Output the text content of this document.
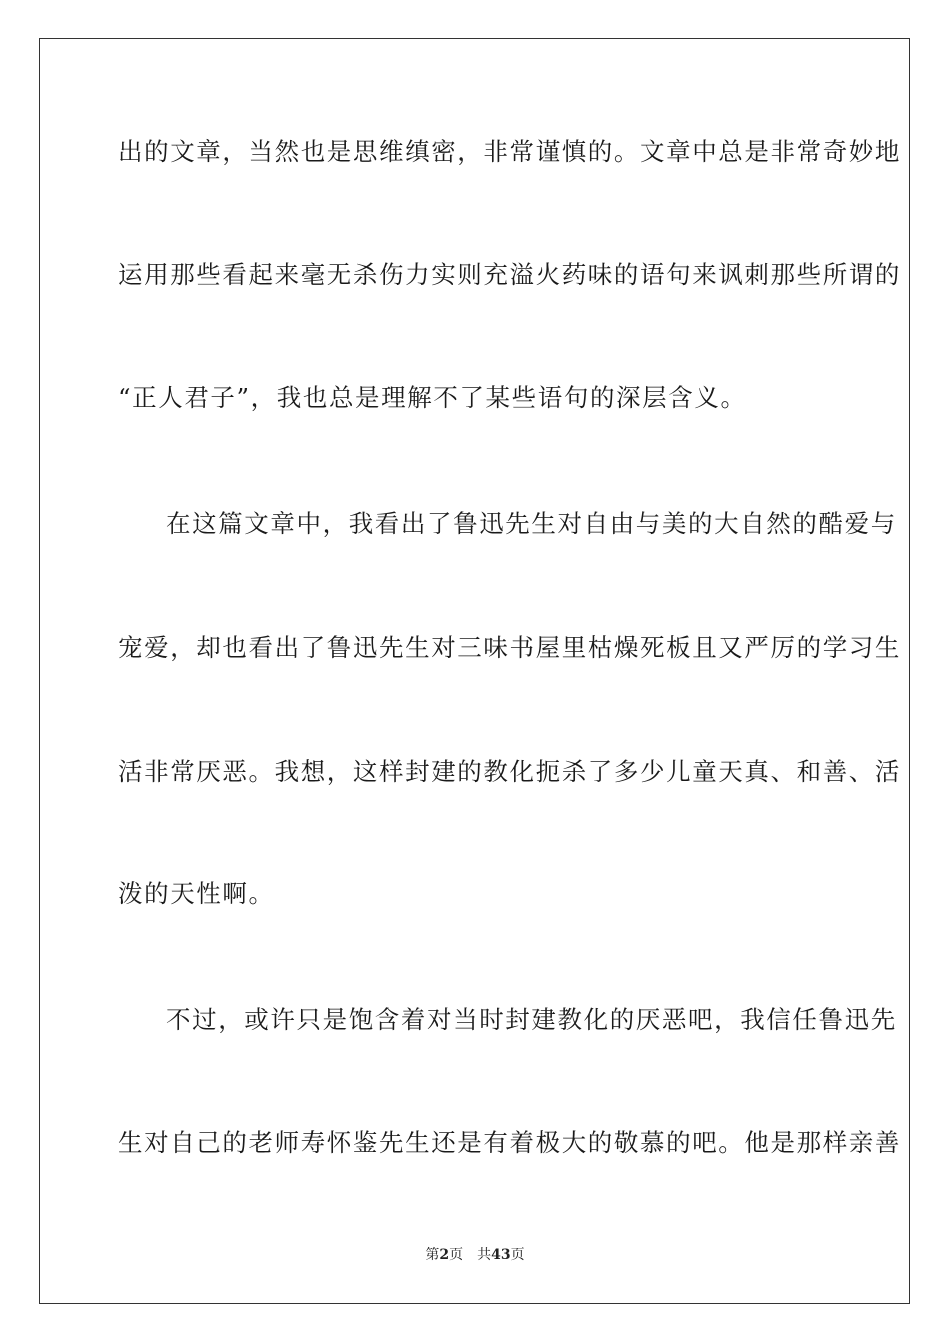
出的文章，当然也是思维缜密，非常谨慎的。文章中总是非常奇妙地
运用那些看起来毫无杀伤力实则充溢火药味的语句来讽刺那些所谓的
“正人君子”，我也总是理解不了某些语句的深层含义。
在这篇文章中，我看出了鲁迅先生对自由与美的大自然的酷爱与
宠爱，却也看出了鲁迅先生对三味书屋里枯燥死板且又严厉的学习生
活非常厌恶。我想，这样封建的教化扼杀了多少儿童天真、和善、活
泼的天性啊。
不过，或许只是饱含着对当时封建教化的厌恶吧，我信任鲁迅先
生对自己的老师寿怀鉴先生还是有着极大的敬慕的吧。他是那样亲善
第2页 共43页
